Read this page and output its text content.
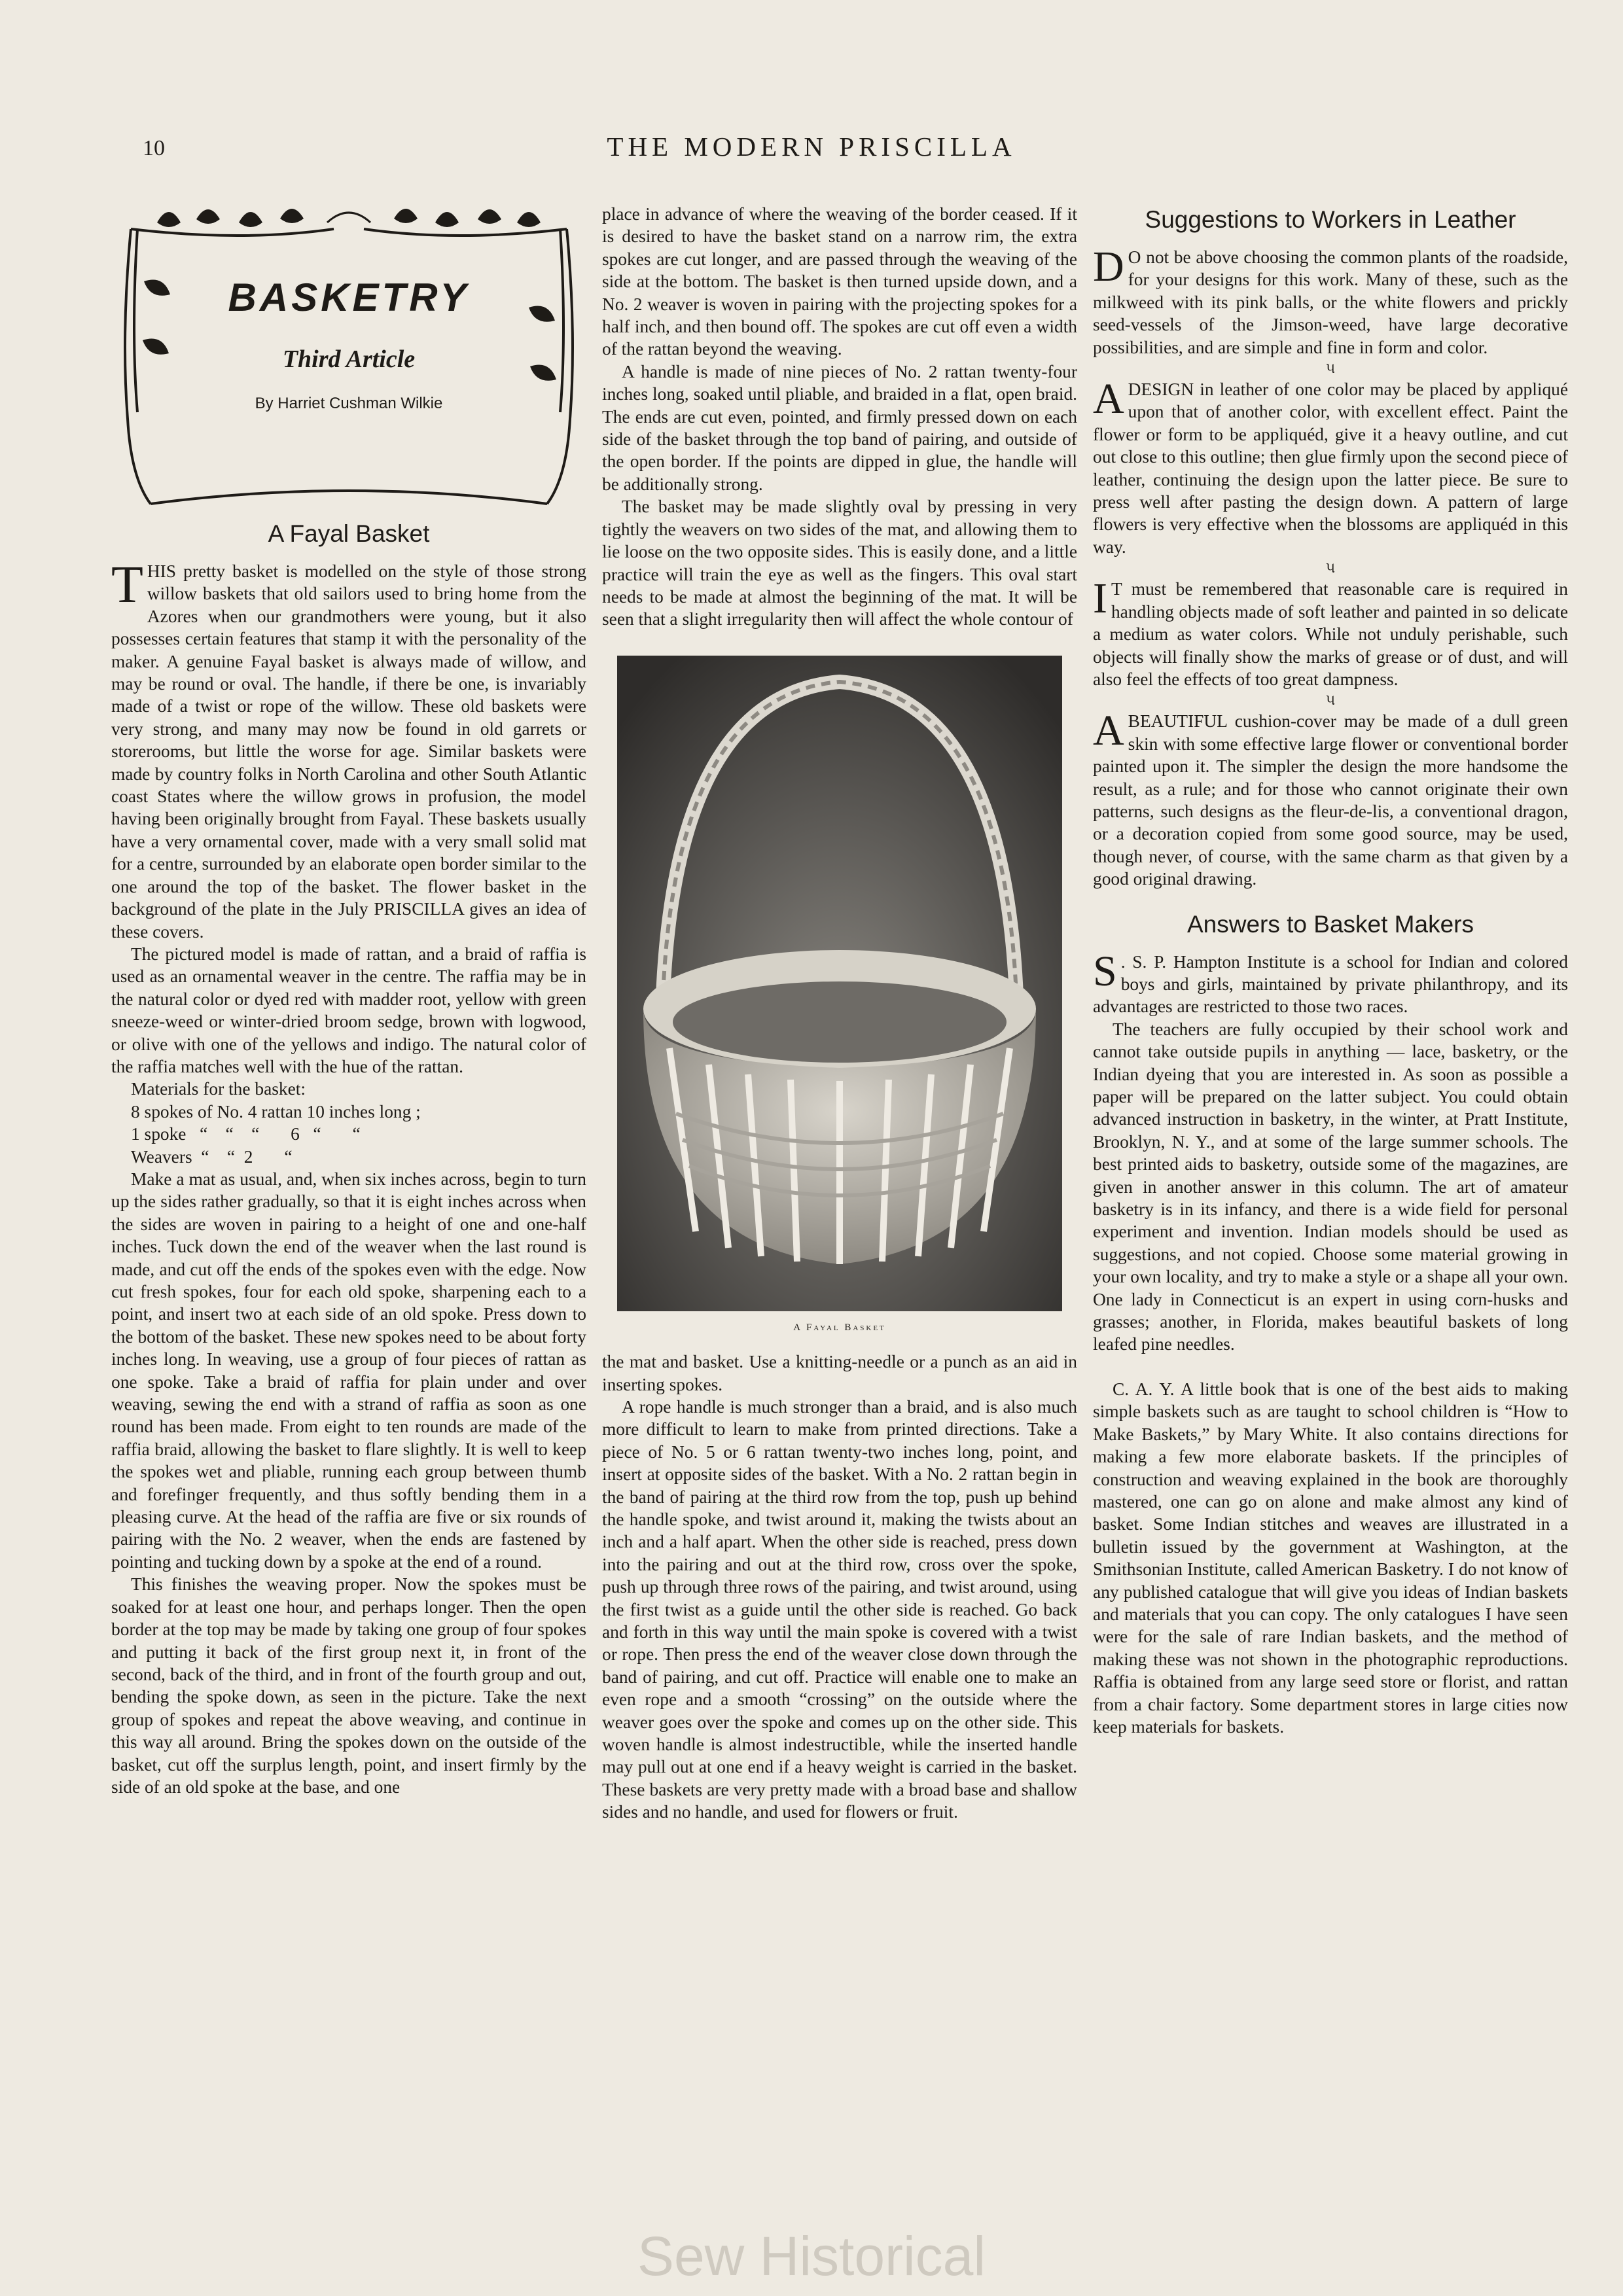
10	THE MODERN PRISCILLA
BASKETRY
Third Article
By Harriet Cushman Wilkie
A Fayal Basket

THIS pretty basket is modelled on the style of those strong willow baskets that old sailors used to bring home from the Azores when our grandmothers were young, but it also possesses certain features that stamp it with the personality of the maker. A genuine Fayal basket is always made of willow, and may be round or oval. The handle, if there be one, is invariably made of a twist or rope of the willow. These old baskets were very strong, and many may now be found in old garrets or storerooms, but little the worse for age. Similar baskets were made by country folks in North Carolina and other South Atlantic coast States where the willow grows in profusion, the model having been originally brought from Fayal. These baskets usually have a very ornamental cover, made with a very small solid mat for a centre, surrounded by an elaborate open border similar to the one around the top of the basket. The flower basket in the background of the plate in the July PRISCILLA gives an idea of these covers.

The pictured model is made of rattan, and a braid of raffia is used as an ornamental weaver in the centre. The raffia may be in the natural color or dyed red with madder root, yellow with green sneeze-weed or winter-dried broom sedge, brown with logwood, or olive with one of the yellows and indigo. The natural color of the raffia matches well with the hue of the rattan.

Materials for the basket:

8 spokes of No. 4 rattan 10 inches long ;
1 spoke   “    “    “       6   “       “
Weavers  “    “  2       “

Make a mat as usual, and, when six inches across, begin to turn up the sides rather gradually, so that it is eight inches across when the sides are woven in pairing to a height of one and one-half inches. Tuck down the end of the weaver when the last round is made, and cut off the ends of the spokes even with the edge. Now cut fresh spokes, four for each old spoke, sharpening each to a point, and insert two at each side of an old spoke. Press down to the bottom of the basket. These new spokes need to be about forty inches long. In weaving, use a group of four pieces of rattan as one spoke. Take a braid of raffia for plain under and over weaving, sewing the end with a strand of raffia as soon as one round has been made. From eight to ten rounds are made of the raffia braid, allowing the basket to flare slightly. It is well to keep the spokes wet and pliable, running each group between thumb and forefinger frequently, and thus softly bending them in a pleasing curve. At the head of the raffia are five or six rounds of pairing with the No. 2 weaver, when the ends are fastened by pointing and tucking down by a spoke at the end of a round.

This finishes the weaving proper. Now the spokes must be soaked for at least one hour, and perhaps longer. Then the open border at the top may be made by taking one group of four spokes and putting it back of the first group next it, in front of the second, back of the third, and in front of the fourth group and out, bending the spoke down, as seen in the picture. Take the next group of spokes and repeat the above weaving, and continue in this way all around. Bring the spokes down on the outside of the basket, cut off the surplus length, point, and insert firmly by the side of an old spoke at the base, and one

place in advance of where the weaving of the border ceased. If it is desired to have the basket stand on a narrow rim, the extra spokes are cut longer, and are passed through the weaving of the side at the bottom. The basket is then turned upside down, and a No. 2 weaver is woven in pairing with the projecting spokes for a half inch, and then bound off. The spokes are cut off even a width of the rattan beyond the weaving.

A handle is made of nine pieces of No. 2 rattan twenty-four inches long, soaked until pliable, and braided in a flat, open braid. The ends are cut even, pointed, and firmly pressed down on each side of the basket through the top band of pairing, and outside of the open border. If the points are dipped in glue, the handle will be additionally strong.

The basket may be made slightly oval by pressing in very tightly the weavers on two sides of the mat, and allowing them to lie loose on the two opposite sides. This is easily done, and a little practice will train the eye as well as the fingers. This oval start needs to be made at almost the beginning of the mat. It will be seen that a slight irregularity then will affect the whole contour of

A Fayal Basket

the mat and basket. Use a knitting-needle or a punch as an aid in inserting spokes.

A rope handle is much stronger than a braid, and is also much more difficult to learn to make from printed directions. Take a piece of No. 5 or 6 rattan twenty-two inches long, point, and insert at opposite sides of the basket. With a No. 2 rattan begin in the band of pairing at the third row from the top, push up behind the handle spoke, and twist around it, making the twists about an inch and a half apart. When the other side is reached, press down into the pairing and out at the third row, cross over the spoke, push up through three rows of the pairing, and twist around, using the first twist as a guide until the other side is reached. Go back and forth in this way until the main spoke is covered with a twist or rope. Then press the end of the weaver close down through the band of pairing, and cut off. Practice will enable one to make an even rope and a smooth “crossing” on the outside where the weaver goes over the spoke and comes up on the other side. This woven handle is almost indestructible, while the inserted handle may pull out at one end if a heavy weight is carried in the basket. These baskets are very pretty made with a broad base and shallow sides and no handle, and used for flowers or fruit.

Suggestions to Workers in Leather

D O not be above choosing the common plants of the roadside, for your designs for this work. Many of these, such as the milkweed with its pink balls, or the white flowers and prickly seed-vessels of the Jimson-weed, have large decorative possibilities, and are simple and fine in form and color.

૫

ADESIGN in leather of one color may be placed by appliqué upon that of another color, with excellent effect. Paint the flower or form to be appliquéd, give it a heavy outline, and cut out close to this outline; then glue firmly upon the second piece of leather, continuing the design upon the latter piece. Be sure to press well after pasting the design down. A pattern of large flowers is very effective when the blossoms are appliquéd in this way.

૫

I T must be remembered that reasonable care is required in handling objects made of soft leather and painted in so delicate a medium as water colors. While not unduly perishable, such objects will finally show the marks of grease or of dust, and will also feel the effects of too great dampness.

૫

ABEAUTIFUL cushion-cover may be made of a dull green skin with some effective large flower or conventional border painted upon it. The simpler the design the more handsome the result, as a rule; and for those who cannot originate their own patterns, such designs as the fleur-de-lis, a conventional dragon, or a decoration copied from some good source, may be used, though never, of course, with the same charm as that given by a good original drawing.

Answers to Basket Makers

S . S. P. Hampton Institute is a school for Indian and colored boys and girls, maintained by private philanthropy, and its advantages are restricted to those two races.

The teachers are fully occupied by their school work and cannot take outside pupils in anything — lace, basketry, or the Indian dyeing that you are interested in. As soon as possible a paper will be prepared on the latter subject. You could obtain advanced instruction in basketry, in the winter, at Pratt Institute, Brooklyn, N. Y., and at some of the large summer schools. The best printed aids to basketry, outside some of the magazines, are given in another answer in this column. The art of amateur basketry is in its infancy, and there is a wide field for personal experiment and invention. Indian models should be used as suggestions, and not copied. Choose some material growing in your own locality, and try to make a style or a shape all your own. One lady in Connecticut is an expert in using corn-husks and grasses; another, in Florida, makes beautiful baskets of long leafed pine needles.

C. A. Y. A little book that is one of the best aids to making simple baskets such as are taught to school children is “How to Make Baskets,” by Mary White. It also contains directions for making a few more elaborate baskets. If the principles of construction and weaving explained in the book are thoroughly mastered, one can go on alone and make almost any kind of basket. Some Indian stitches and weaves are illustrated in a bulletin issued by the government at Washington, at the Smithsonian Institute, called American Basketry. I do not know of any published catalogue that will give you ideas of Indian baskets and materials that you can copy. The only catalogues I have seen were for the sale of rare Indian baskets, and the method of making these was not shown in the photographic reproductions. Raffia is obtained from any large seed store or florist, and rattan from a chair factory. Some department stores in large cities now keep materials for baskets.

Sew Historical
